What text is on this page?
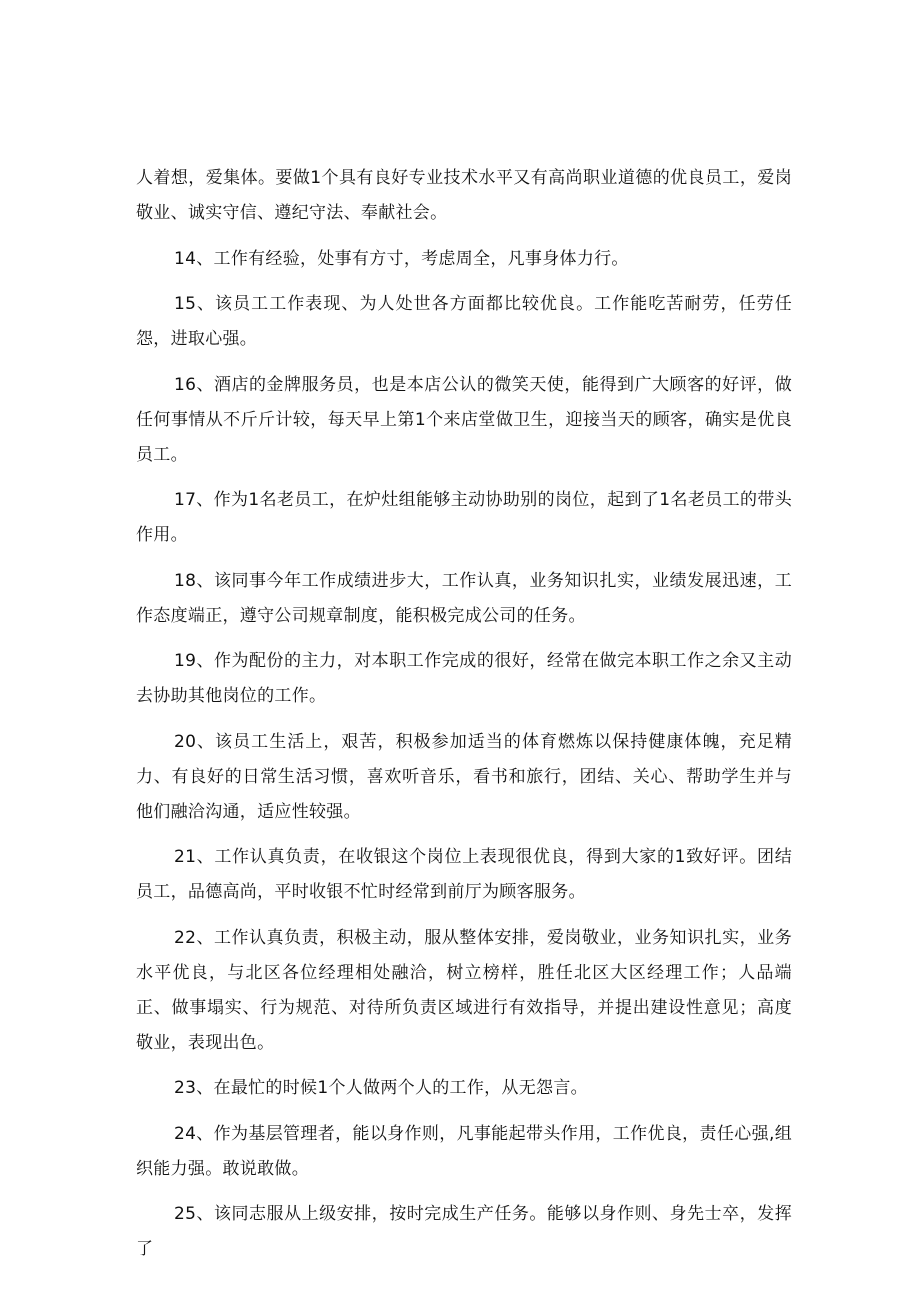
人着想，爱集体。要做1个具有良好专业技术水平又有高尚职业道德的优良员工，爱岗敬业、诚实守信、遵纪守法、奉献社会。

14、工作有经验，处事有方寸，考虑周全，凡事身体力行。

15、该员工工作表现、为人处世各方面都比较优良。工作能吃苦耐劳，任劳任怨，进取心强。

16、酒店的金牌服务员，也是本店公认的微笑天使，能得到广大顾客的好评，做任何事情从不斤斤计较，每天早上第1个来店堂做卫生，迎接当天的顾客，确实是优良员工。

17、作为1名老员工，在炉灶组能够主动协助别的岗位，起到了1名老员工的带头作用。

18、该同事今年工作成绩进步大，工作认真，业务知识扎实，业绩发展迅速，工作态度端正，遵守公司规章制度，能积极完成公司的任务。

19、作为配份的主力，对本职工作完成的很好，经常在做完本职工作之余又主动去协助其他岗位的工作。

20、该员工生活上，艰苦，积极参加适当的体育燃炼以保持健康体魄，充足精力、有良好的日常生活习惯，喜欢听音乐，看书和旅行，团结、关心、帮助学生并与他们融洽沟通，适应性较强。

21、工作认真负责，在收银这个岗位上表现很优良，得到大家的1致好评。团结员工，品德高尚，平时收银不忙时经常到前厅为顾客服务。

22、工作认真负责，积极主动，服从整体安排，爱岗敬业，业务知识扎实，业务水平优良，与北区各位经理相处融洽，树立榜样，胜任北区大区经理工作；人品端正、做事塌实、行为规范、对待所负责区域进行有效指导，并提出建设性意见；高度敬业，表现出色。

23、在最忙的时候1个人做两个人的工作，从无怨言。

24、作为基层管理者，能以身作则，凡事能起带头作用，工作优良，责任心强,组织能力强。敢说敢做。

25、该同志服从上级安排，按时完成生产任务。能够以身作则、身先士卒，发挥了
